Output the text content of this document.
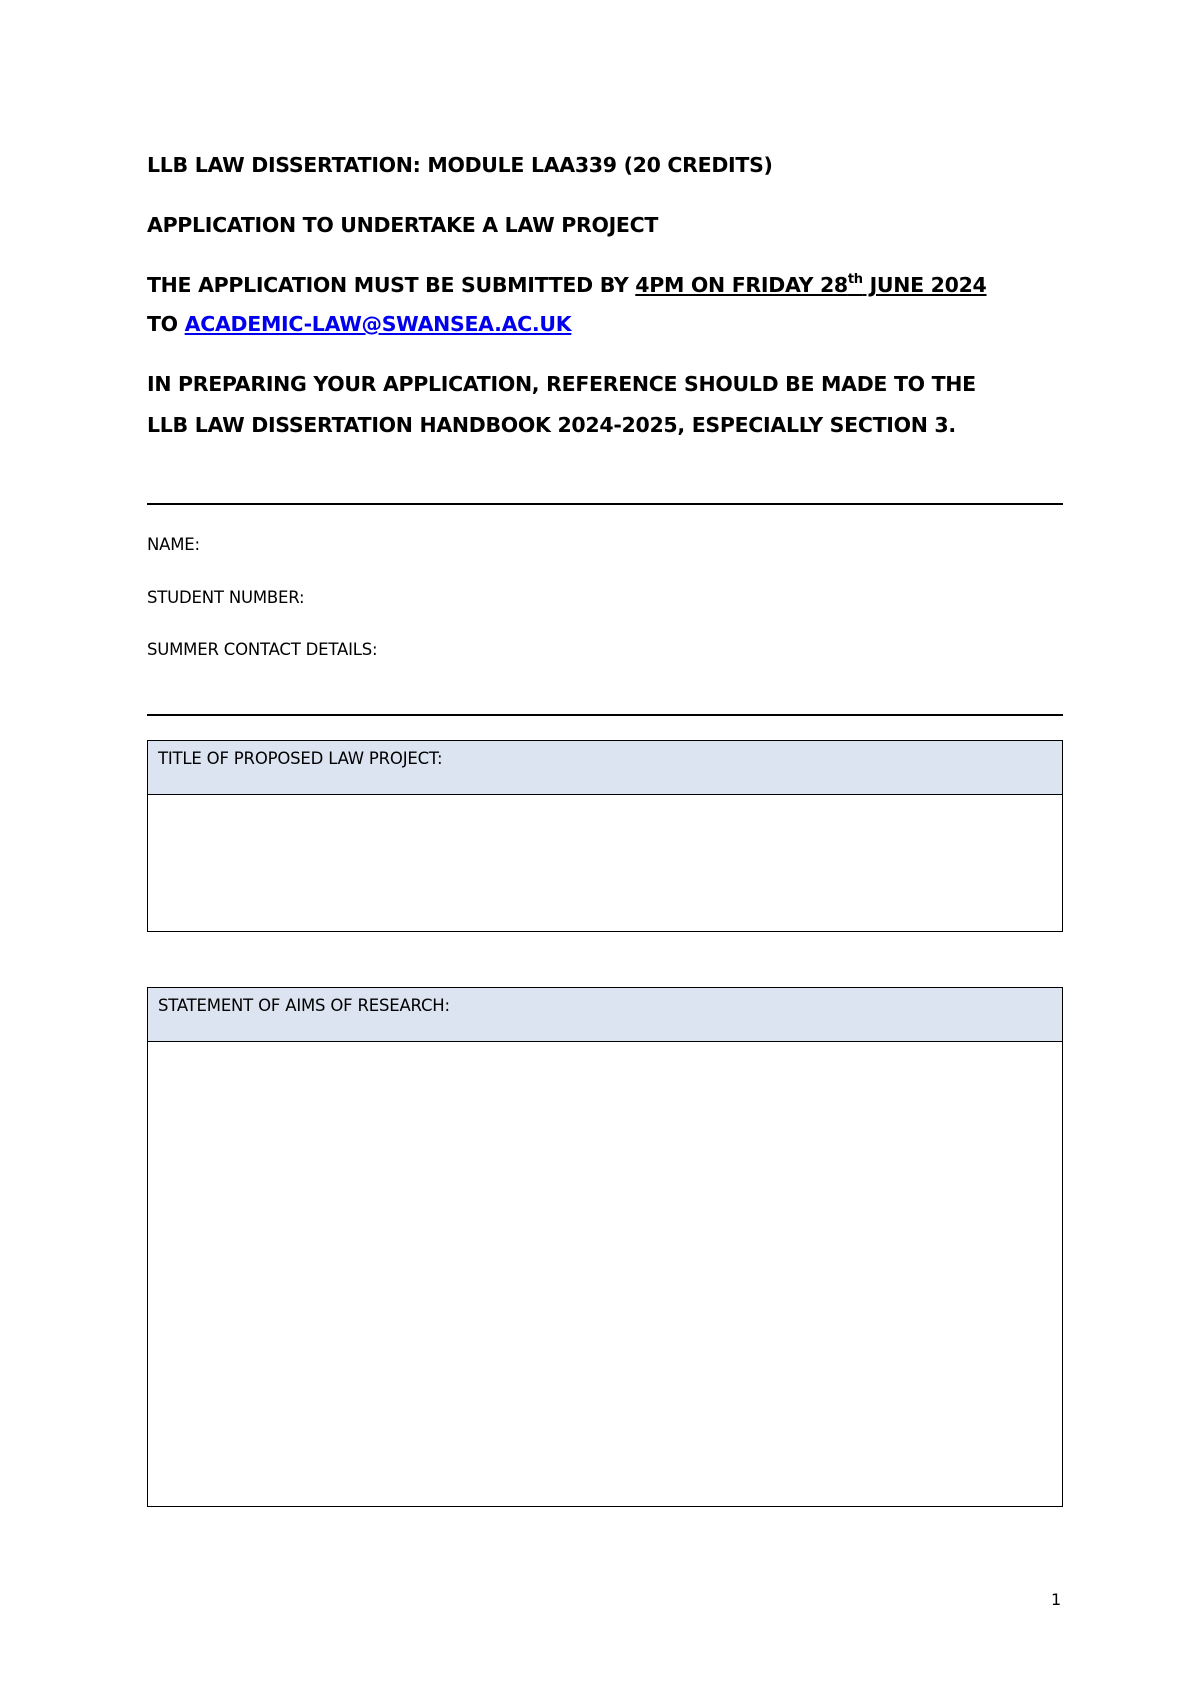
LLB LAW DISSERTATION: MODULE LAA339 (20 CREDITS)
APPLICATION TO UNDERTAKE A LAW PROJECT
THE APPLICATION MUST BE SUBMITTED BY 4PM ON FRIDAY 28th JUNE 2024
TO ACADEMIC-LAW@SWANSEA.AC.UK
IN PREPARING YOUR APPLICATION, REFERENCE SHOULD BE MADE TO THE
LLB LAW DISSERTATION HANDBOOK 2024-2025, ESPECIALLY SECTION 3.
NAME:
STUDENT NUMBER:
SUMMER CONTACT DETAILS:
TITLE OF PROPOSED LAW PROJECT:
STATEMENT OF AIMS OF RESEARCH:
1
